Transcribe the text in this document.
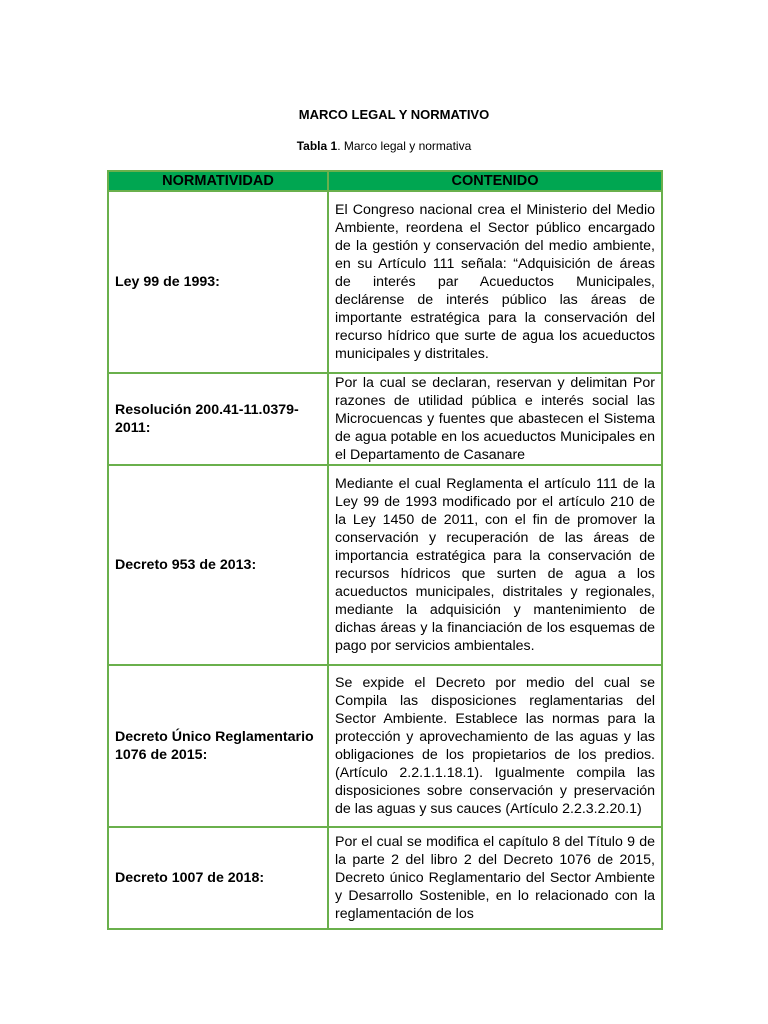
MARCO LEGAL Y NORMATIVO
Tabla 1. Marco legal y normativa
NORMATIVIDAD	CONTENIDO
Ley 99 de 1993:	El Congreso nacional crea el Ministerio del Medio Ambiente, reordena el Sector público encargado de la gestión y conservación del medio ambiente, en su Artículo 111 señala: “Adquisición de áreas de interés par Acueductos Municipales, declárense de interés público las áreas de importante estratégica para la conservación del recurso hídrico que surte de agua los acueductos municipales y distritales.
Resolución 200.41-11.0379-2011:	Por la cual se declaran, reservan y delimitan Por razones de utilidad pública e interés social las Microcuencas y fuentes que abastecen el Sistema de agua potable en los acueductos Municipales en el Departamento de Casanare
Decreto 953 de 2013:	Mediante el cual Reglamenta el artículo 111 de la Ley 99 de 1993 modificado por el artículo 210 de la Ley 1450 de 2011, con el fin de promover la conservación y recuperación de las áreas de importancia estratégica para la conservación de recursos hídricos que surten de agua a los acueductos municipales, distritales y regionales, mediante la adquisición y mantenimiento de dichas áreas y la financiación de los esquemas de pago por servicios ambientales.
Decreto Único Reglamentario 1076 de 2015:	Se expide el Decreto por medio del cual se Compila las disposiciones reglamentarias del Sector Ambiente. Establece las normas para la protección y aprovechamiento de las aguas y las obligaciones de los propietarios de los predios. (Artículo 2.2.1.1.18.1). Igualmente compila las disposiciones sobre conservación y preservación de las aguas y sus cauces (Artículo 2.2.3.2.20.1)
Decreto 1007 de 2018:	Por el cual se modifica el capítulo 8 del Título 9 de la parte 2 del libro 2 del Decreto 1076 de 2015, Decreto único Reglamentario del Sector Ambiente y Desarrollo Sostenible, en lo relacionado con la reglamentación de los
